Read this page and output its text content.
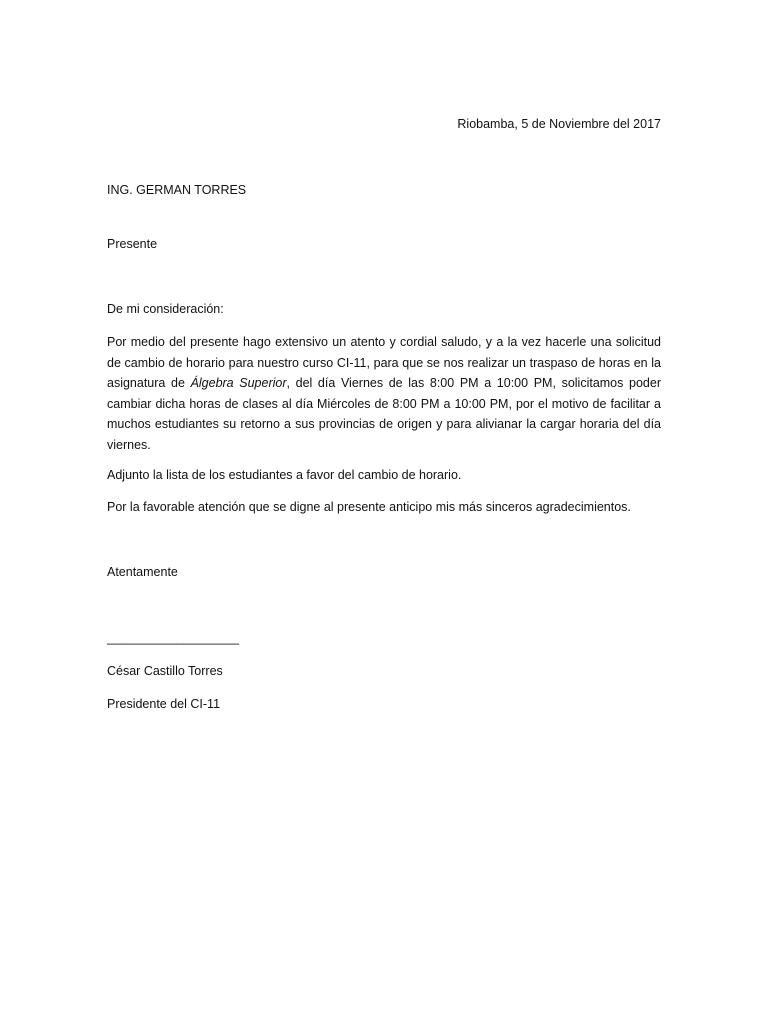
Riobamba, 5 de Noviembre del 2017
ING. GERMAN TORRES
Presente
De mi consideración:

Por medio del presente hago extensivo un atento y cordial saludo, y a la vez hacerle una solicitud de cambio de horario para nuestro curso CI-11, para que se nos realizar un traspaso de horas en la asignatura de Álgebra Superior, del día Viernes de las 8:00 PM a 10:00 PM, solicitamos poder cambiar dicha horas de clases al día Miércoles de 8:00 PM a 10:00 PM, por el motivo de facilitar a muchos estudiantes su retorno a sus provincias de origen y para alivianar la cargar horaria del día viernes.

Adjunto la lista de los estudiantes a favor del cambio de horario.

Por la favorable atención que se digne al presente anticipo mis más sinceros agradecimientos.

Atentamente
___________________
César Castillo Torres
Presidente del CI-11
